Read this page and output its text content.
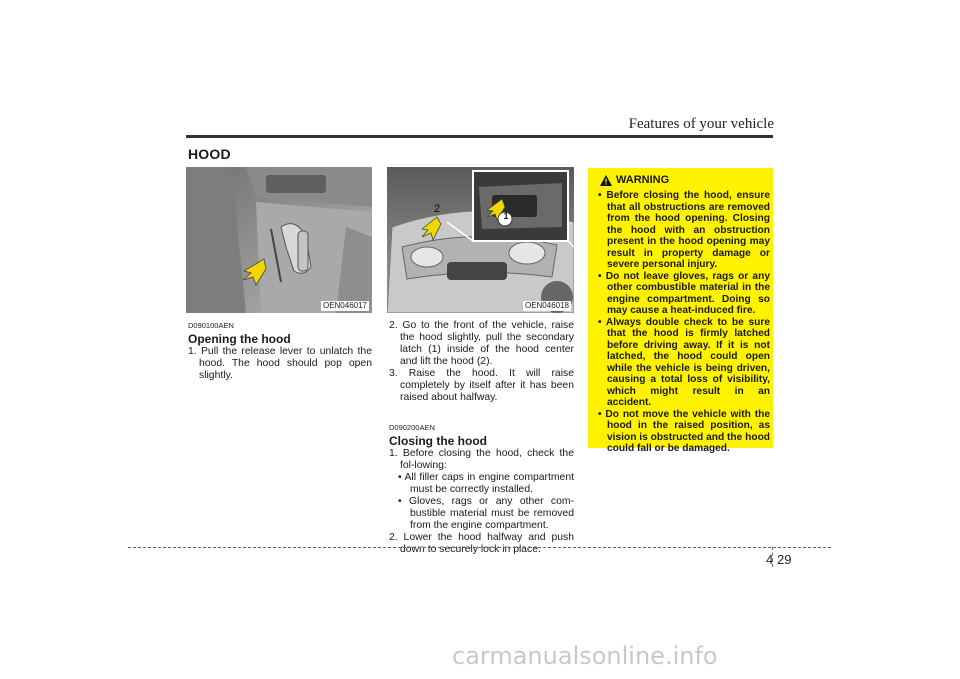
Features of your vehicle
HOOD
OEN046017
1
2
OEN046018
D090100AEN
Opening the hood
1. Pull the release lever to unlatch the hood. The hood should pop open slightly.
2. Go to the front of the vehicle, raise the hood slightly, pull the secondary latch (1) inside of the hood center and lift the hood (2).
3. Raise the hood. It will raise completely by itself after it has been raised about halfway.
D090200AEN
Closing the hood
1. Before closing the hood, check the fol-lowing:
• All filler caps in engine compartment must be correctly installed.
• Gloves, rags or any other com-bustible material must be removed from the engine compartment.
2. Lower the hood halfway and push down to securely lock in place.
WARNING
• Before closing the hood, ensure that all obstructions are removed from the hood opening. Closing the hood with an obstruction present in the hood opening may result in property damage or severe personal injury.
• Do not leave gloves, rags or any other combustible material in the engine compartment. Doing so may cause a heat-induced fire.
• Always double check to be sure that the hood is firmly latched before driving away. If it is not latched, the hood could open while the vehicle is being driven, causing a total loss of visibility, which might result in an accident.
• Do not move the vehicle with the hood in the raised position, as vision is obstructed and the hood could fall or be damaged.
4 29
carmanualsonline.info
